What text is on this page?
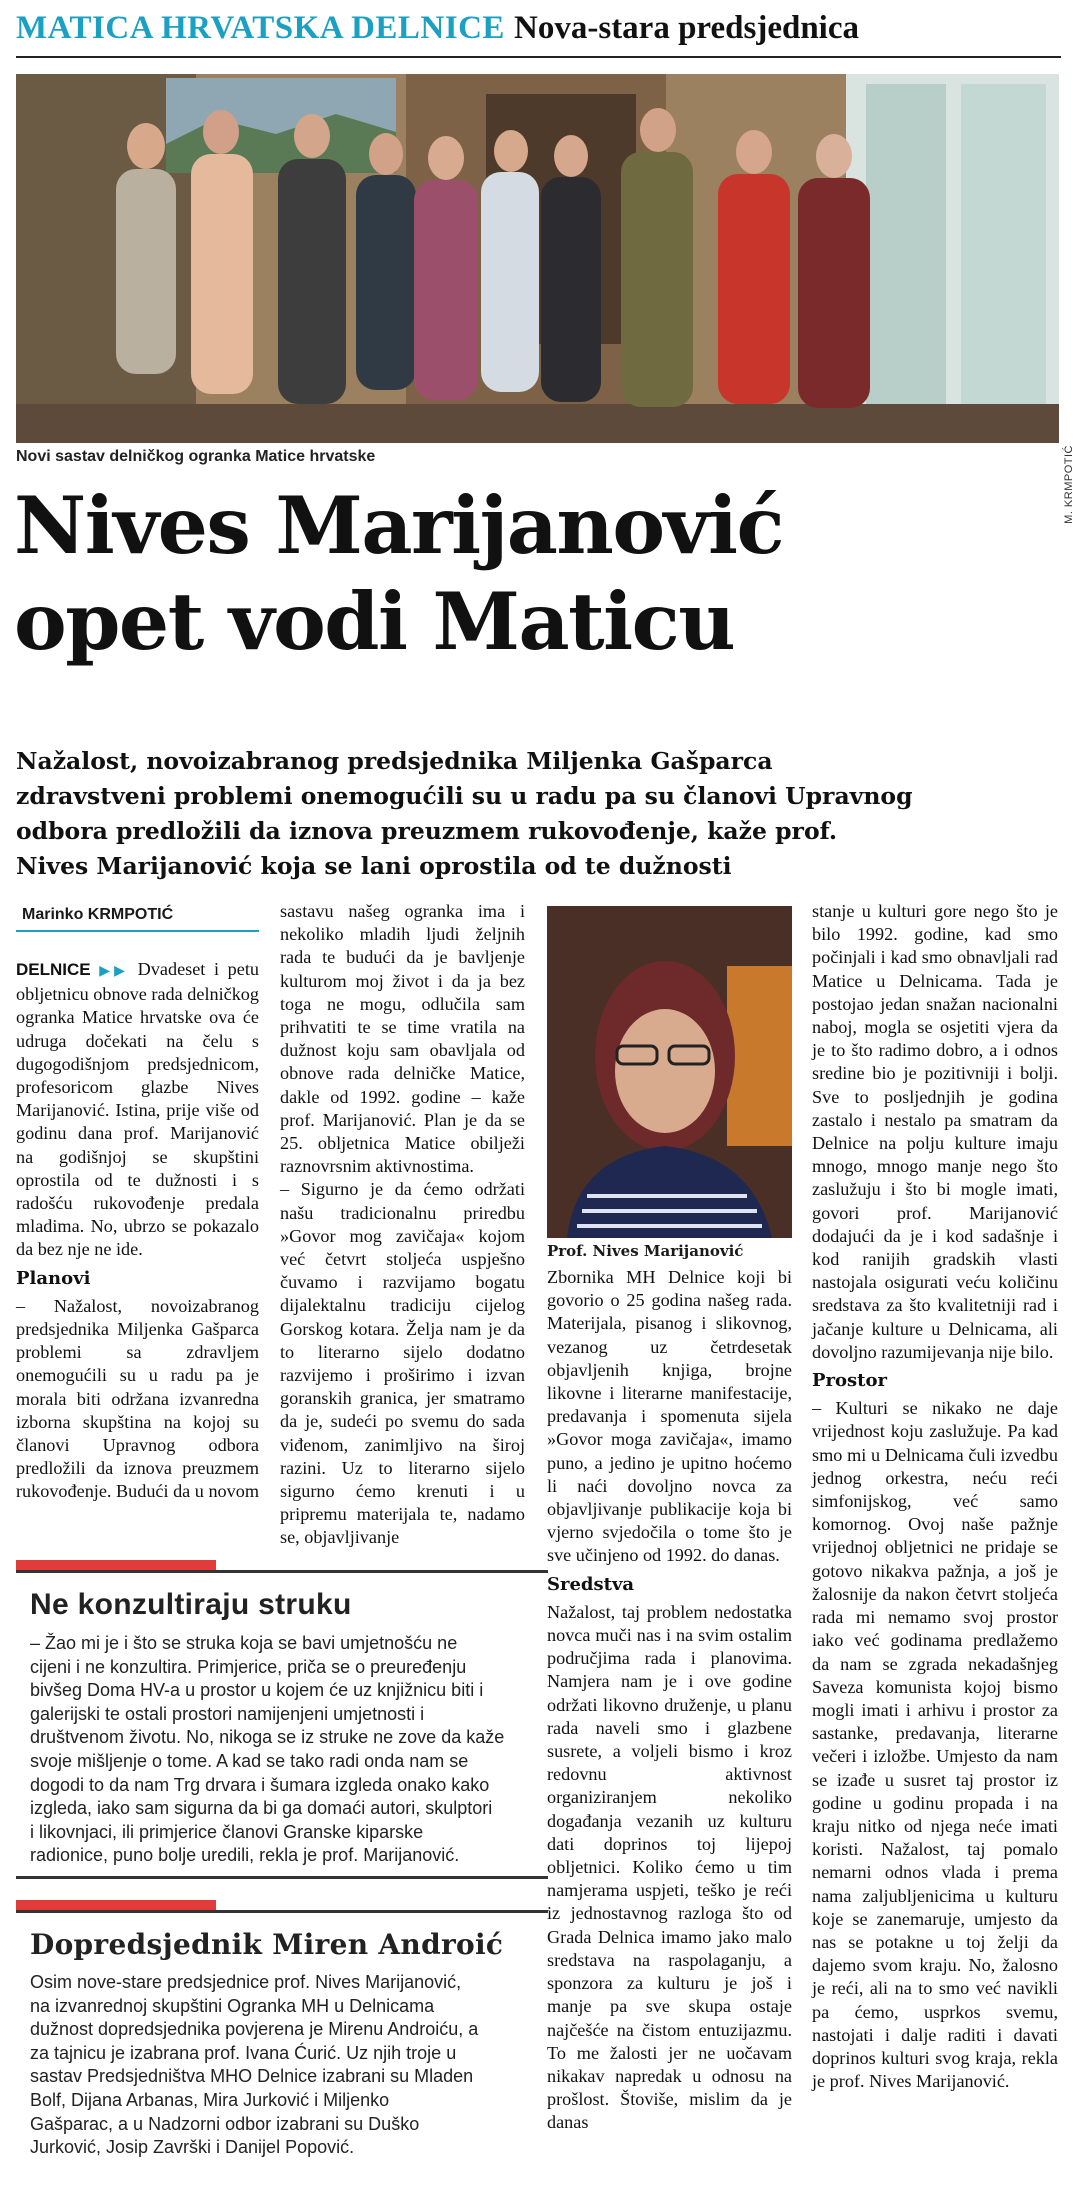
MATICA HRVATSKA DELNICE Nova-stara predsjednica
M. KRMPOTIĆ
Novi sastav delničkog ogranka Matice hrvatske
Nives Marijanović
opet vodi Maticu
Nažalost, novoizabranog predsjednika Miljenka Gašparca
zdravstveni problemi onemogućili su u radu pa su članovi Upravnog
odbora predložili da iznova preuzmem rukovođenje, kaže prof.
Nives Marijanović koja se lani oprostila od te dužnosti
Marinko KRMPOTIĆ

DELNICE ▶▶ Dvadeset i petu obljetnicu obnove rada delničkog ogranka Matice hrvatske ova će udruga dočekati na čelu s dugogodišnjom predsjednicom, profesoricom glazbe Nives Marijanović. Istina, prije više od godinu dana prof. Marijanović na godišnjoj se skupštini oprostila od te dužnosti i s radošću rukovođenje predala mladima. No, ubrzo se pokazalo da bez nje ne ide.

Planovi

– Nažalost, novoizabranog predsjednika Miljenka Gašparca problemi sa zdravljem onemogućili su u radu pa je morala biti održana izvanredna izborna skupština na kojoj su članovi Upravnog odbora predložili da iznova preuzmem rukovođenje. Budući da u novom

sastavu našeg ogranka ima i nekoliko mladih ljudi željnih rada te budući da je bavljenje kulturom moj život i da ja bez toga ne mogu, odlučila sam prihvatiti te se time vratila na dužnost koju sam obavljala od obnove rada delničke Matice, dakle od 1992. godine – kaže prof. Marijanović. Plan je da se 25. obljetnica Matice obilježi raznovrsnim aktivnostima.

– Sigurno je da ćemo održati našu tradicionalnu priredbu »Govor mog zavičaja« kojom već četvrt stoljeća uspješno čuvamo i razvijamo bogatu dijalektalnu tradiciju cijelog Gorskog kotara. Želja nam je da to literarno sijelo dodatno razvijemo i proširimo i izvan goranskih granica, jer smatramo da je, sudeći po svemu do sada viđenom, zanimljivo na široj razini. Uz to literarno sijelo sigurno ćemo krenuti i u pripremu materijala te, nadamo se, objavljivanje

Prof. Nives Marijanović

Zbornika MH Delnice koji bi govorio o 25 godina našeg rada. Materijala, pisanog i slikovnog, vezanog uz četrdesetak objavljenih knjiga, brojne likovne i literarne manifestacije, predavanja i spomenuta sijela »Govor moga zavičaja«, imamo puno, a jedino je upitno hoćemo li naći dovoljno novca za objavljivanje publikacije koja bi vjerno svjedočila o tome što je sve učinjeno od 1992. do danas.

Sredstva

Nažalost, taj problem nedostatka novca muči nas i na svim ostalim područjima rada i planovima. Namjera nam je i ove godine održati likovno druženje, u planu rada naveli smo i glazbene susrete, a voljeli bismo i kroz redovnu aktivnost organiziranjem nekoliko događanja vezanih uz kulturu dati doprinos toj lijepoj obljetnici. Koliko ćemo u tim namjerama uspjeti, teško je reći iz jednostavnog razloga što od Grada Delnica imamo jako malo sredstava na raspolaganju, a sponzora za kulturu je još i manje pa sve skupa ostaje najčešće na čistom entuzijazmu. To me žalosti jer ne uočavam nikakav napredak u odnosu na prošlost. Štoviše, mislim da je danas

stanje u kulturi gore nego što je bilo 1992. godine, kad smo počinjali i kad smo obnavljali rad Matice u Delnicama. Tada je postojao jedan snažan nacionalni naboj, mogla se osjetiti vjera da je to što radimo dobro, a i odnos sredine bio je pozitivniji i bolji. Sve to posljednjih je godina zastalo i nestalo pa smatram da Delnice na polju kulture imaju mnogo, mnogo manje nego što zaslužuju i što bi mogle imati, govori prof. Marijanović dodajući da je i kod sadašnje i kod ranijih gradskih vlasti nastojala osigurati veću količinu sredstava za što kvalitetniji rad i jačanje kulture u Delnicama, ali dovoljno razumijevanja nije bilo.

Prostor

– Kulturi se nikako ne daje vrijednost koju zaslužuje. Pa kad smo mi u Delnicama čuli izvedbu jednog orkestra, neću reći simfonijskog, već samo komornog. Ovoj naše pažnje vrijednoj obljetnici ne pridaje se gotovo nikakva pažnja, a još je žalosnije da nakon četvrt stoljeća rada mi nemamo svoj prostor iako već godinama predlažemo da nam se zgrada nekadašnjeg Saveza komunista kojoj bismo mogli imati i arhivu i prostor za sastanke, predavanja, literarne večeri i izložbe. Umjesto da nam se izađe u susret taj prostor iz godine u godinu propada i na kraju nitko od njega neće imati koristi. Nažalost, taj pomalo nemarni odnos vlada i prema nama zaljubljenicima u kulturu koje se zanemaruje, umjesto da nas se potakne u toj želji da dajemo svom kraju. No, žalosno je reći, ali na to smo već navikli pa ćemo, usprkos svemu, nastojati i dalje raditi i davati doprinos kulturi svog kraja, rekla je prof. Nives Marijanović.

Ne konzultiraju struku

– Žao mi je i što se struka koja se bavi umjetnošću ne
cijeni i ne konzultira. Primjerice, priča se o preuređenju
bivšeg Doma HV-a u prostor u kojem će uz knjižnicu biti i
galerijski te ostali prostori namijenjeni umjetnosti i
društvenom životu. No, nikoga se iz struke ne zove da kaže
svoje mišljenje o tome. A kad se tako radi onda nam se
dogodi to da nam Trg drvara i šumara izgleda onako kako
izgleda, iako sam sigurna da bi ga domaći autori, skulptori
i likovnjaci, ili primjerice članovi Granske kiparske
radionice, puno bolje uredili, rekla je prof. Marijanović.

Dopredsjednik Miren Androić

Osim nove-stare predsjednice prof. Nives Marijanović,
na izvanrednoj skupštini Ogranka MH u Delnicama
dužnost dopredsjednika povjerena je Mirenu Androiću, a
za tajnicu je izabrana prof. Ivana Ćurić. Uz njih troje u
sastav Predsjedništva MHO Delnice izabrani su Mladen
Bolf, Dijana Arbanas, Mira Jurković i Miljenko
Gašparac, a u Nadzorni odbor izabrani su Duško
Jurković, Josip Završki i Danijel Popović.
